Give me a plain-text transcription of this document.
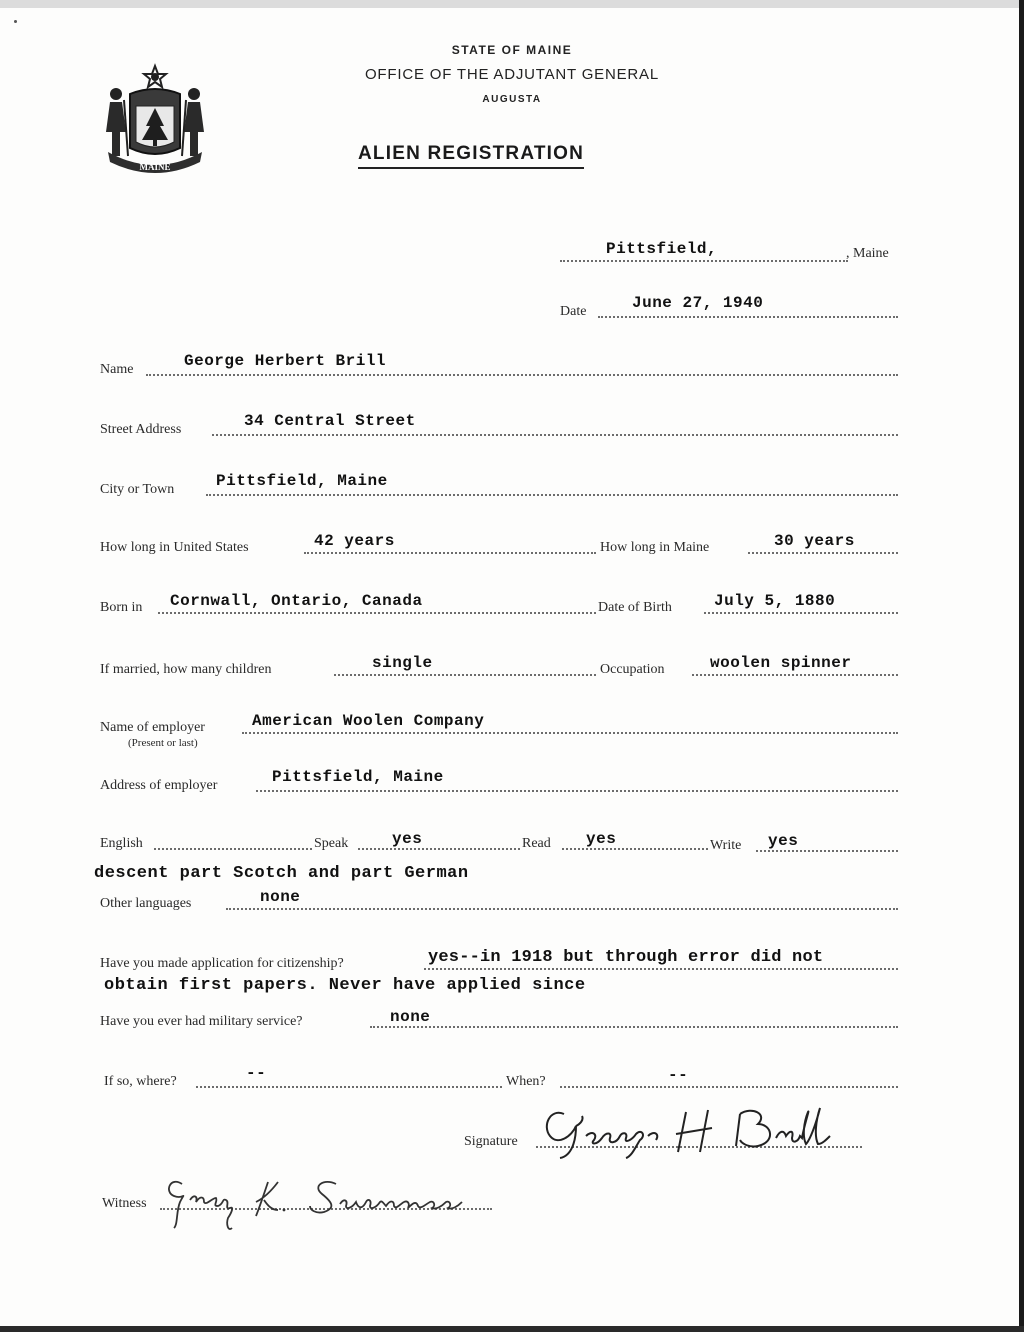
MAINE
STATE OF MAINE
OFFICE OF THE ADJUTANT GENERAL
AUGUSTA
ALIEN REGISTRATION
Pittsfield,	, Maine
Date	June 27, 1940
Name	George Herbert Brill
Street Address	34 Central Street
City or Town	Pittsfield, Maine
How long in United States	42 years	How long in Maine	30 years
Born in Cornwall, Ontario, Canada	Date of Birth	July 5, 1880
If married, how many children	single	Occupation	woolen spinner
Name of employer
(Present or last)
American Woolen Company
Address of employer	Pittsfield, Maine
English	Speak	yes	Read yes	Write yes
descent part Scotch and part German
Other languages	none
Have you made application for citizenship?	yes--in 1918 but through error did not
obtain first papers. Never have applied since
Have you ever had military service?	none
If so, where?	--	When?	--
Signature
Witness
